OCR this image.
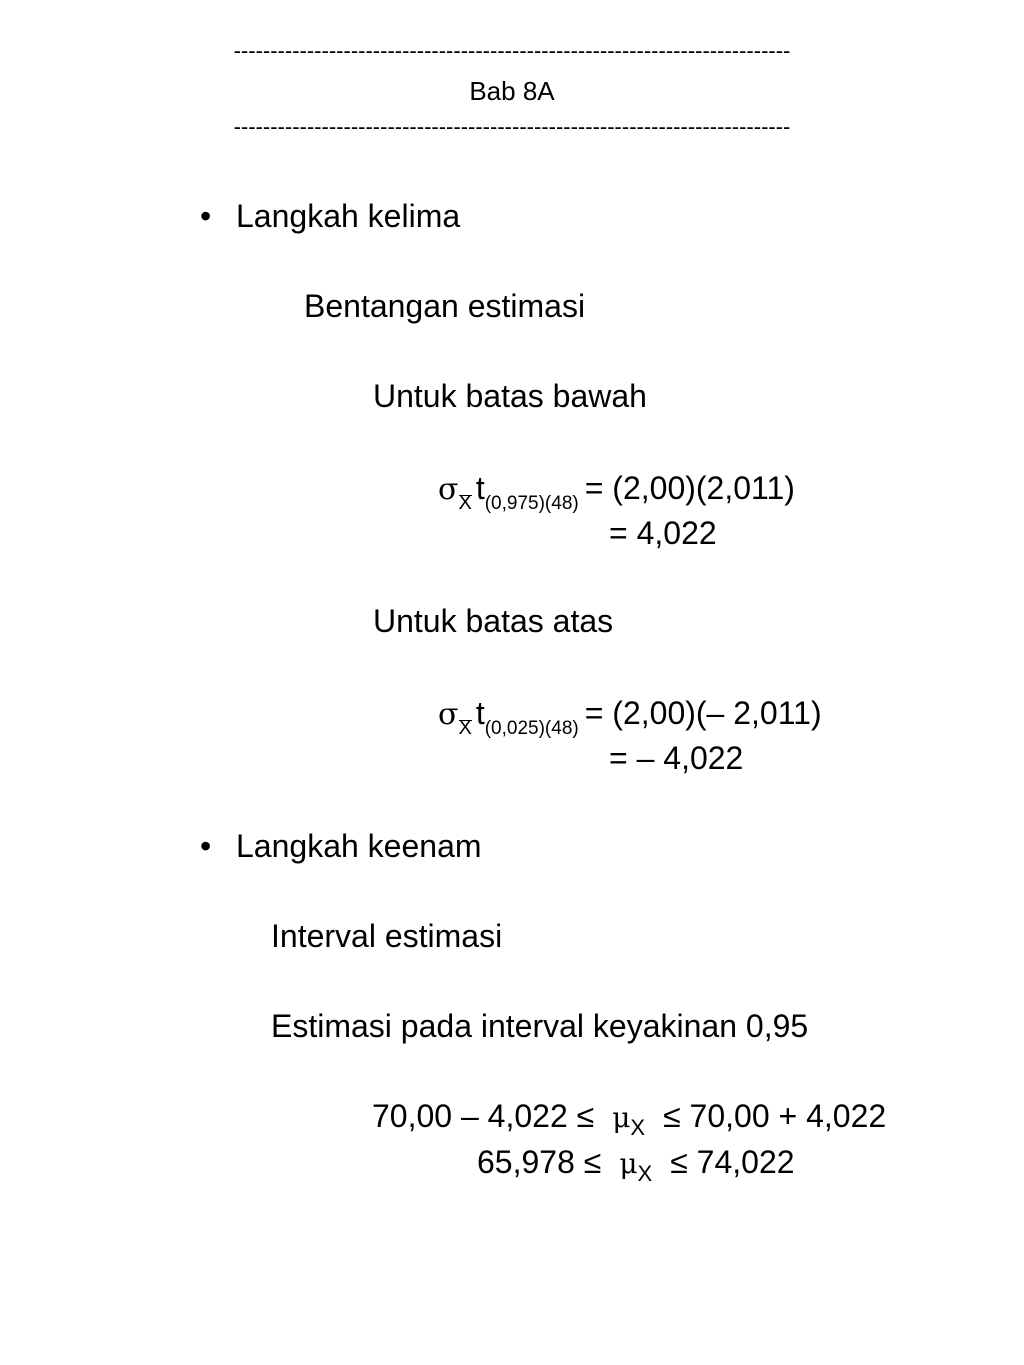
----------------------------------------------------------------------------
Bab 8A
----------------------------------------------------------------------------
• Langkah kelima
Bentangan estimasi
Untuk batas bawah
σX t(0,975)(48) = (2,00)(2,011)
= 4,022
Untuk batas atas
σX t(0,025)(48) = (2,00)(– 2,011)
= – 4,022
• Langkah keenam
Interval estimasi
Estimasi pada interval keyakinan 0,95
70,00 – 4,022 ≤ μX ≤ 70,00 + 4,022
65,978 ≤ μX ≤ 74,022
